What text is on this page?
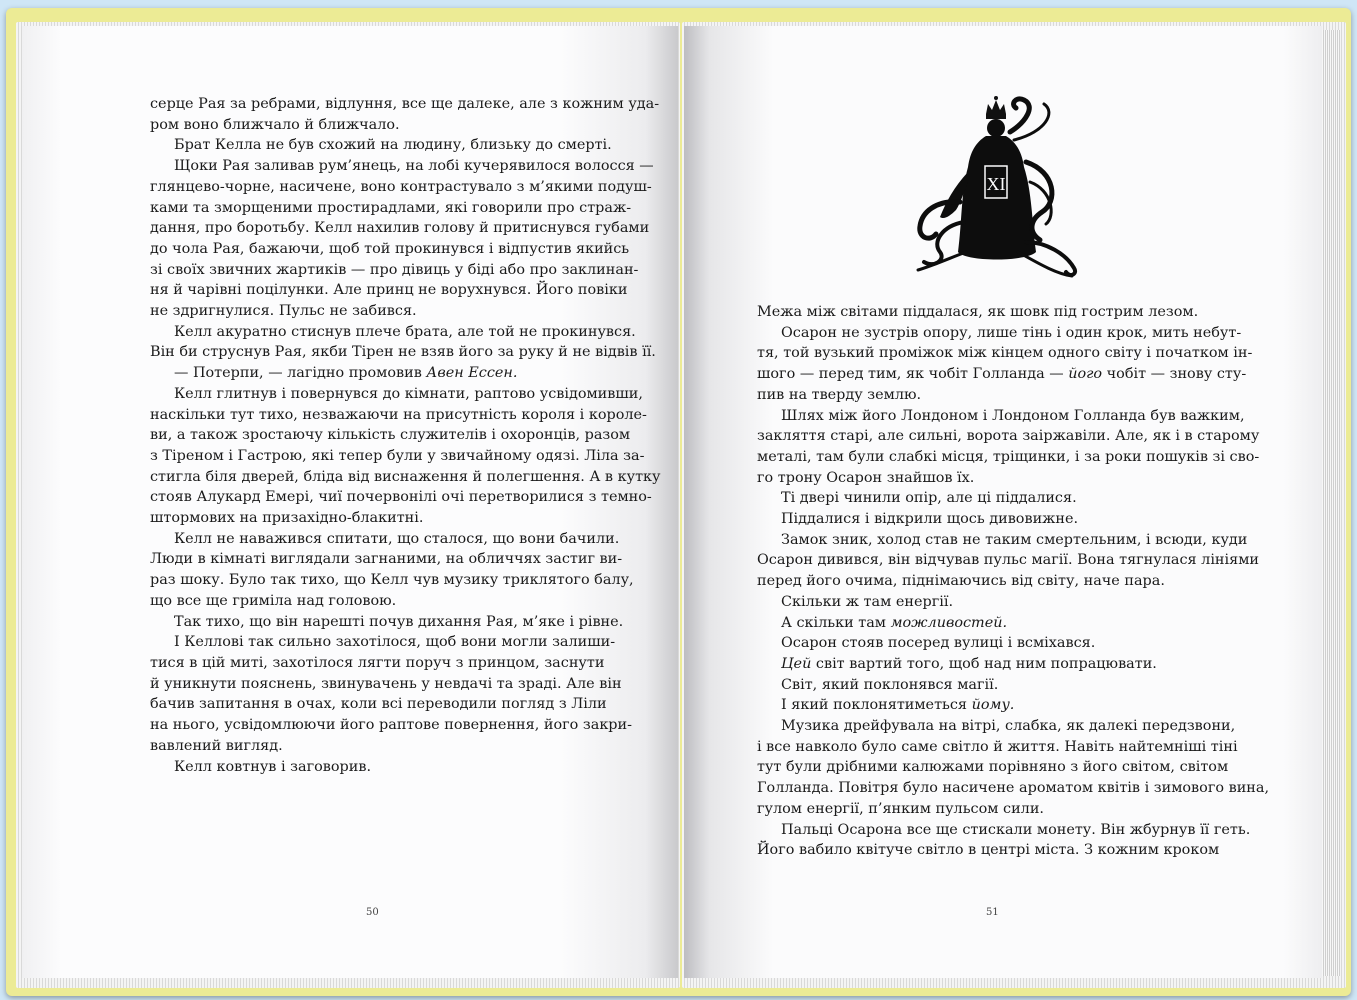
серце Рая за ребрами, відлуння, все ще далеке, але з кожним уда-
ром воно ближчало й ближчало.
Брат Келла не був схожий на людину, близьку до смерті.
Щоки Рая заливав рум’янець, на лобі кучерявилося волосся —
глянцево-чорне, насичене, воно контрастувало з м’якими подуш-
ками та зморщеними простирадлами, які говорили про страж-
дання, про боротьбу. Келл нахилив голову й притиснувся губами
до чола Рая, бажаючи, щоб той прокинувся і відпустив якийсь
зі своїх звичних жартиків — про дівиць у біді або про заклинан-
ня й чарівні поцілунки. Але принц не ворухнувся. Його повіки
не здригнулися. Пульс не забився.
Келл акуратно стиснув плече брата, але той не прокинувся.
Він би струснув Рая, якби Тірен не взяв його за руку й не відвів її.
— Потерпи, — лагідно промовив Авен Ессен.
Келл глитнув і повернувся до кімнати, раптово усвідомивши,
наскільки тут тихо, незважаючи на присутність короля і короле-
ви, а також зростаючу кількість служителів і охоронців, разом
з Тіреном і Гастрою, які тепер були у звичайному одязі. Ліла за-
стигла біля дверей, бліда від виснаження й полегшення. А в кутку
стояв Алукард Емері, чиї почервонілі очі перетворилися з темно-
штормових на призахідно-блакитні.
Келл не наважився спитати, що сталося, що вони бачили.
Люди в кімнаті виглядали загнаними, на обличчях застиг ви-
раз шоку. Було так тихо, що Келл чув музику триклятого балу,
що все ще гриміла над головою.
Так тихо, що він нарешті почув дихання Рая, м’яке і рівне.
І Келлові так сильно захотілося, щоб вони могли залиши-
тися в цій миті, захотілося лягти поруч з принцом, заснути
й уникнути пояснень, звинувачень у невдачі та зраді. Але він
бачив запитання в очах, коли всі переводили погляд з Ліли
на нього, усвідомлюючи його раптове повернення, його закри-
вавлений вигляд.
Келл ковтнув і заговорив.
Межа між світами піддалася, як шовк під гострим лезом.
Осарон не зустрів опору, лише тінь і один крок, мить небут-
тя, той вузький проміжок між кінцем одного світу і початком ін-
шого — перед тим, як чобіт Голланда — його чобіт — знову сту-
пив на тверду землю.
Шлях між його Лондоном і Лондоном Голланда був важким,
закляття старі, але сильні, ворота заіржавіли. Але, як і в старому
металі, там були слабкі місця, тріщинки, і за роки пошуків зі сво-
го трону Осарон знайшов їх.
Ті двері чинили опір, але ці піддалися.
Піддалися і відкрили щось дивовижне.
Замок зник, холод став не таким смертельним, і всюди, куди
Осарон дивився, він відчував пульс магії. Вона тягнулася лініями
перед його очима, піднімаючись від світу, наче пара.
Скільки ж там енергії.
А скільки там можливостей.
Осарон стояв посеред вулиці і всміхався.
Цей світ вартий того, щоб над ним попрацювати.
Світ, який поклонявся магії.
І який поклонятиметься йому.
Музика дрейфувала на вітрі, слабка, як далекі передзвони,
і все навколо було саме світло й життя. Навіть найтемніші тіні
тут були дрібними калюжами порівняно з його світом, світом
Голланда. Повітря було насичене ароматом квітів і зимового вина,
гулом енергії, п’янким пульсом сили.
Пальці Осарона все ще стискали монету. Він жбурнув її геть.
Його вабило квітуче світло в центрі міста. З кожним кроком
XI
50	51
